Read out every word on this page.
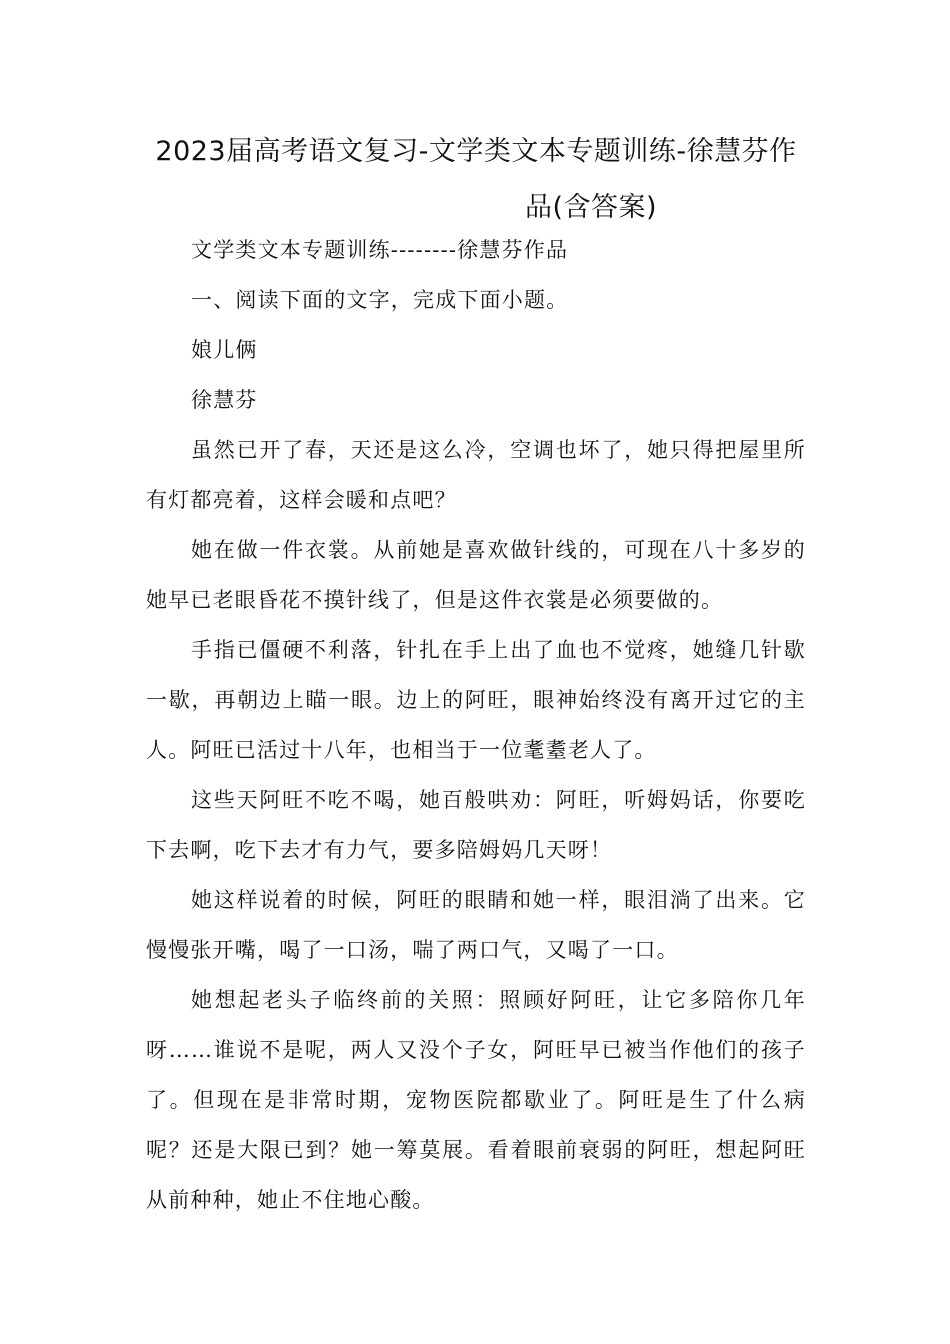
2023届高考语文复习-文学类文本专题训练-徐慧芬作
品(含答案)

文学类文本专题训练--------徐慧芬作品

一、阅读下面的文字，完成下面小题。

娘儿俩

徐慧芬

虽然已开了春，天还是这么冷，空调也坏了，她只得把屋里所有灯都亮着，这样会暖和点吧？

她在做一件衣裳。从前她是喜欢做针线的，可现在八十多岁的她早已老眼昏花不摸针线了，但是这件衣裳是必须要做的。

手指已僵硬不利落，针扎在手上出了血也不觉疼，她缝几针歇一歇，再朝边上瞄一眼。边上的阿旺，眼神始终没有离开过它的主人。阿旺已活过十八年，也相当于一位耄耋老人了。

这些天阿旺不吃不喝，她百般哄劝：阿旺，听姆妈话，你要吃下去啊，吃下去才有力气，要多陪姆妈几天呀！

她这样说着的时候，阿旺的眼睛和她一样，眼泪淌了出来。它慢慢张开嘴，喝了一口汤，喘了两口气，又喝了一口。

她想起老头子临终前的关照：照顾好阿旺，让它多陪你几年呀……谁说不是呢，两人又没个子女，阿旺早已被当作他们的孩子了。但现在是非常时期，宠物医院都歇业了。阿旺是生了什么病呢？还是大限已到？她一筹莫展。看着眼前衰弱的阿旺，想起阿旺从前种种，她止不住地心酸。
